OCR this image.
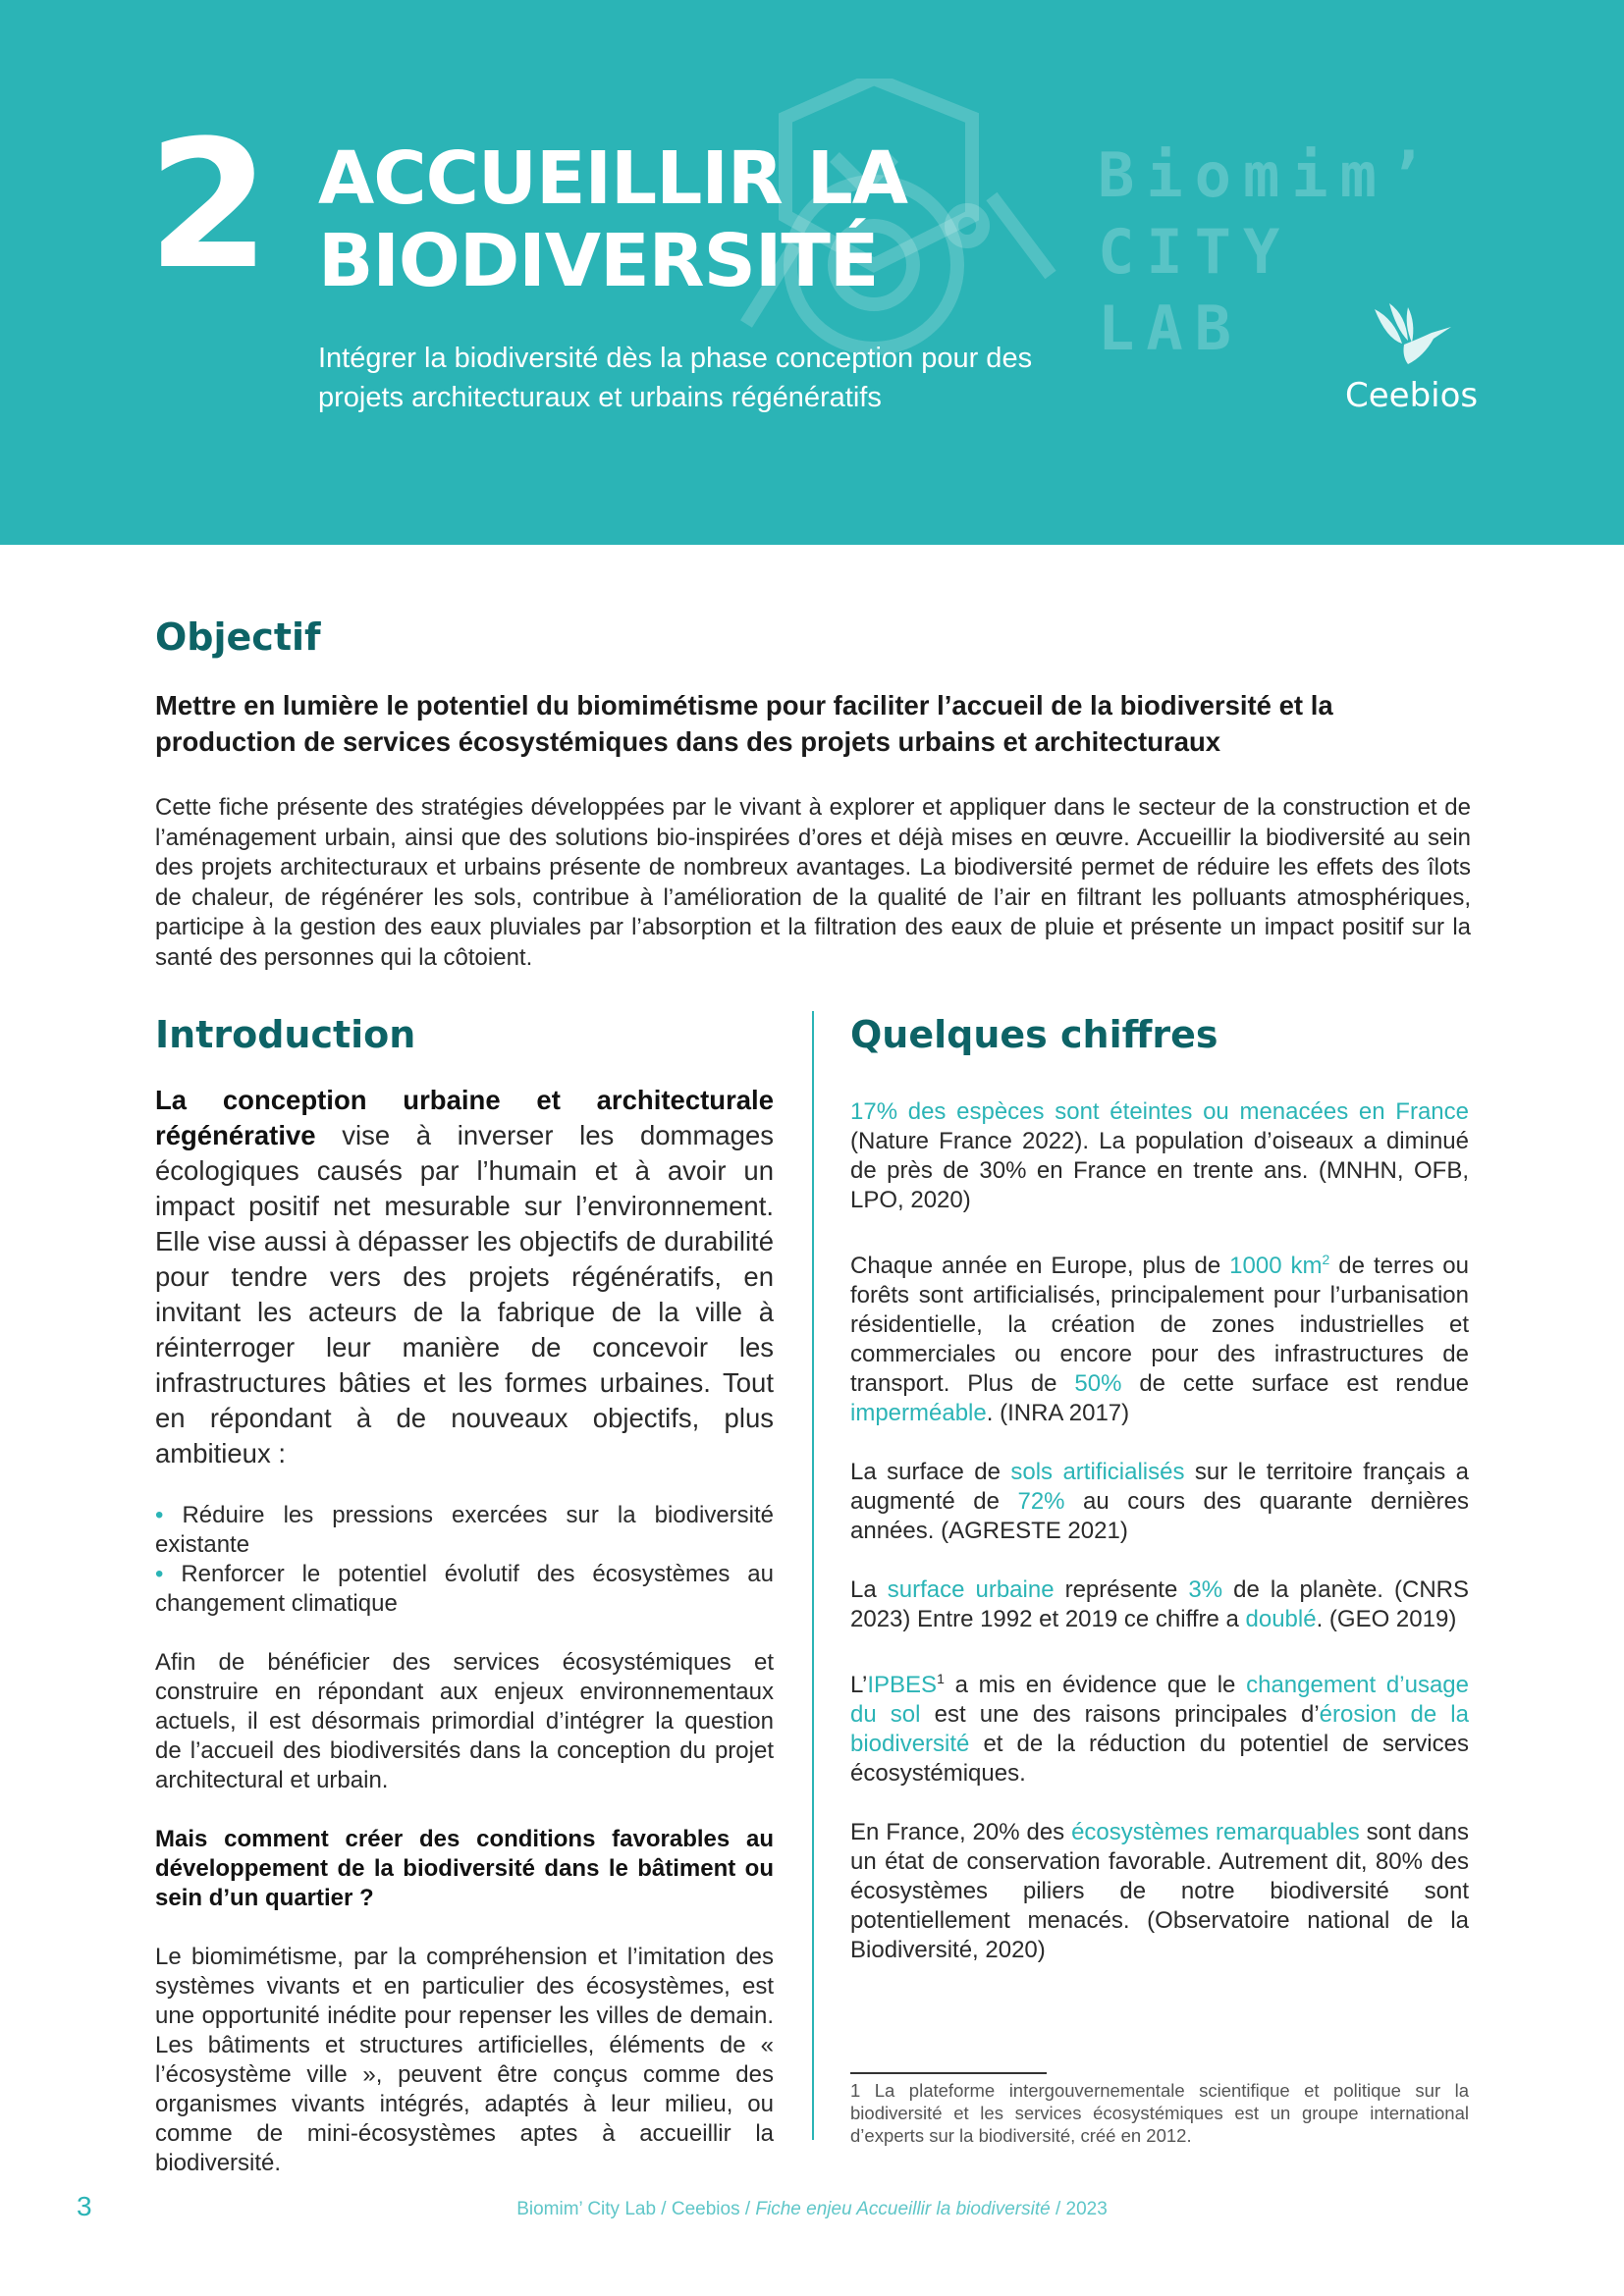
Biomim’
CITY
LAB
2 ACCUEILLIR LA
BIODIVERSITÉ
Intégrer la biodiversité dès la phase conception pour des projets architecturaux et urbains régénératifs	Ceebios
Objectif

Mettre en lumière le potentiel du biomimétisme pour faciliter l’accueil de la biodiversité et la production de services écosystémiques dans des projets urbains et architecturaux

Cette fiche présente des stratégies développées par le vivant à explorer et appliquer dans le secteur de la construction et de l’aménagement urbain, ainsi que des solutions bio-inspirées d’ores et déjà mises en œuvre. Accueillir la biodiversité au sein des projets architecturaux et urbains présente de nombreux avantages. La biodiversité permet de réduire les effets des îlots de chaleur, de régénérer les sols, contribue à l’amélioration de la qualité de l’air en filtrant les polluants atmosphériques, participe à la gestion des eaux pluviales par l’absorption et la filtration des eaux de pluie et présente un impact positif sur la santé des personnes qui la côtoient.

Introduction	Quelques chiffres

La conception urbaine et architecturale régénérative vise à inverser les dommages écologiques causés par l’humain et à avoir un impact positif net mesurable sur l’environnement. Elle vise aussi à dépasser les objectifs de durabilité pour tendre vers des projets régénératifs, en invitant les acteurs de la fabrique de la ville à réinterroger leur manière de concevoir les infrastructures bâties et les formes urbaines. Tout en répondant à de nouveaux objectifs, plus ambitieux :

• Réduire les pressions exercées sur la biodiversité existante
• Renforcer le potentiel évolutif des écosystèmes au changement climatique

Afin de bénéficier des services écosystémiques et construire en répondant aux enjeux environnementaux actuels, il est désormais primordial d’intégrer la question de l’accueil des biodiversités dans la conception du projet architectural et urbain.

Mais comment créer des conditions favorables au développement de la biodiversité dans le bâtiment ou sein d’un quartier ?

Le biomimétisme, par la compréhension et l’imitation des systèmes vivants et en particulier des écosystèmes, est une opportunité inédite pour repenser les villes de demain. Les bâtiments et structures artificielles, éléments de « l’écosystème ville », peuvent être conçus comme des organismes vivants intégrés, adaptés à leur milieu, ou comme de mini-écosystèmes aptes à accueillir la biodiversité.

17% des espèces sont éteintes ou menacées en France (Nature France 2022). La population d’oiseaux a diminué de près de 30% en France en trente ans. (MNHN, OFB, LPO, 2020)

Chaque année en Europe, plus de 1000 $km^2$ de terres ou forêts sont artificialisés, principalement pour l’urbanisation résidentielle, la création de zones industrielles et commerciales ou encore pour des infrastructures de transport. Plus de 50% de cette surface est rendue imperméable. (INRA 2017)

La surface de sols artificialisés sur le territoire français a augmenté de 72% au cours des quarante dernières années. (AGRESTE 2021)

La surface urbaine représente 3% de la planète. (CNRS 2023) Entre 1992 et 2019 ce chiffre a doublé. (GEO 2019)

L’IPBES$^1$ a mis en évidence que le changement d’usage du sol est une des raisons principales d’érosion de la biodiversité et de la réduction du potentiel de services écosystémiques.

En France, 20% des écosystèmes remarquables sont dans un état de conservation favorable. Autrement dit, 80% des écosystèmes piliers de notre biodiversité sont potentiellement menacés. (Observatoire national de la Biodiversité, 2020)

1 La plateforme intergouvernementale scientifique et politique sur la biodiversité et les services écosystémiques est un groupe international d’experts sur la biodiversité, créé en 2012.

3	Biomim’ City Lab / Ceebios / Fiche enjeu Accueillir la biodiversité / 2023
